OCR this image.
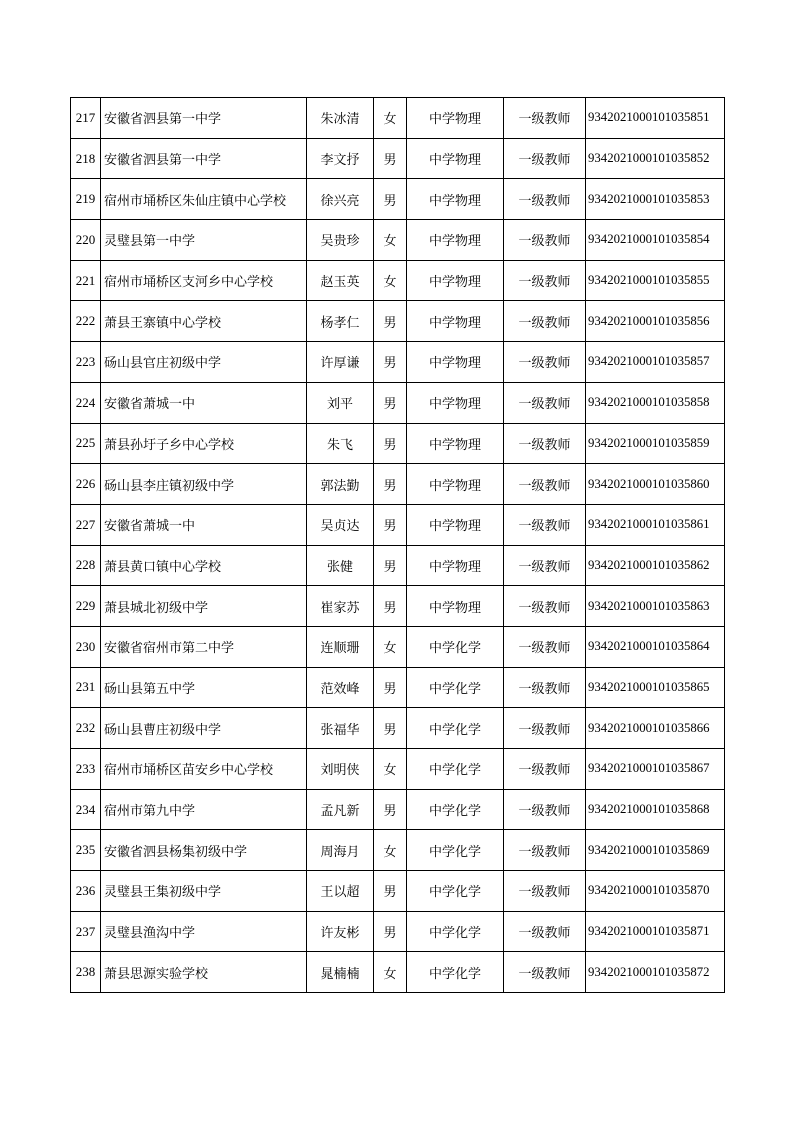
217	安徽省泗县第一中学	朱冰清	女	中学物理	一级教师	9342021000101035851
218	安徽省泗县第一中学	李文抒	男	中学物理	一级教师	9342021000101035852
219	宿州市埇桥区朱仙庄镇中心学校	徐兴亮	男	中学物理	一级教师	9342021000101035853
220	灵璧县第一中学	吴贵珍	女	中学物理	一级教师	9342021000101035854
221	宿州市埇桥区支河乡中心学校	赵玉英	女	中学物理	一级教师	9342021000101035855
222	萧县王寨镇中心学校	杨孝仁	男	中学物理	一级教师	9342021000101035856
223	砀山县官庄初级中学	许厚谦	男	中学物理	一级教师	9342021000101035857
224	安徽省萧城一中	刘平	男	中学物理	一级教师	9342021000101035858
225	萧县孙圩子乡中心学校	朱飞	男	中学物理	一级教师	9342021000101035859
226	砀山县李庄镇初级中学	郭法勤	男	中学物理	一级教师	9342021000101035860
227	安徽省萧城一中	吴贞达	男	中学物理	一级教师	9342021000101035861
228	萧县黄口镇中心学校	张健	男	中学物理	一级教师	9342021000101035862
229	萧县城北初级中学	崔家苏	男	中学物理	一级教师	9342021000101035863
230	安徽省宿州市第二中学	连顺珊	女	中学化学	一级教师	9342021000101035864
231	砀山县第五中学	范效峰	男	中学化学	一级教师	9342021000101035865
232	砀山县曹庄初级中学	张福华	男	中学化学	一级教师	9342021000101035866
233	宿州市埇桥区苗安乡中心学校	刘明侠	女	中学化学	一级教师	9342021000101035867
234	宿州市第九中学	孟凡新	男	中学化学	一级教师	9342021000101035868
235	安徽省泗县杨集初级中学	周海月	女	中学化学	一级教师	9342021000101035869
236	灵璧县王集初级中学	王以超	男	中学化学	一级教师	9342021000101035870
237	灵璧县渔沟中学	许友彬	男	中学化学	一级教师	9342021000101035871
238	萧县思源实验学校	晁楠楠	女	中学化学	一级教师	9342021000101035872
